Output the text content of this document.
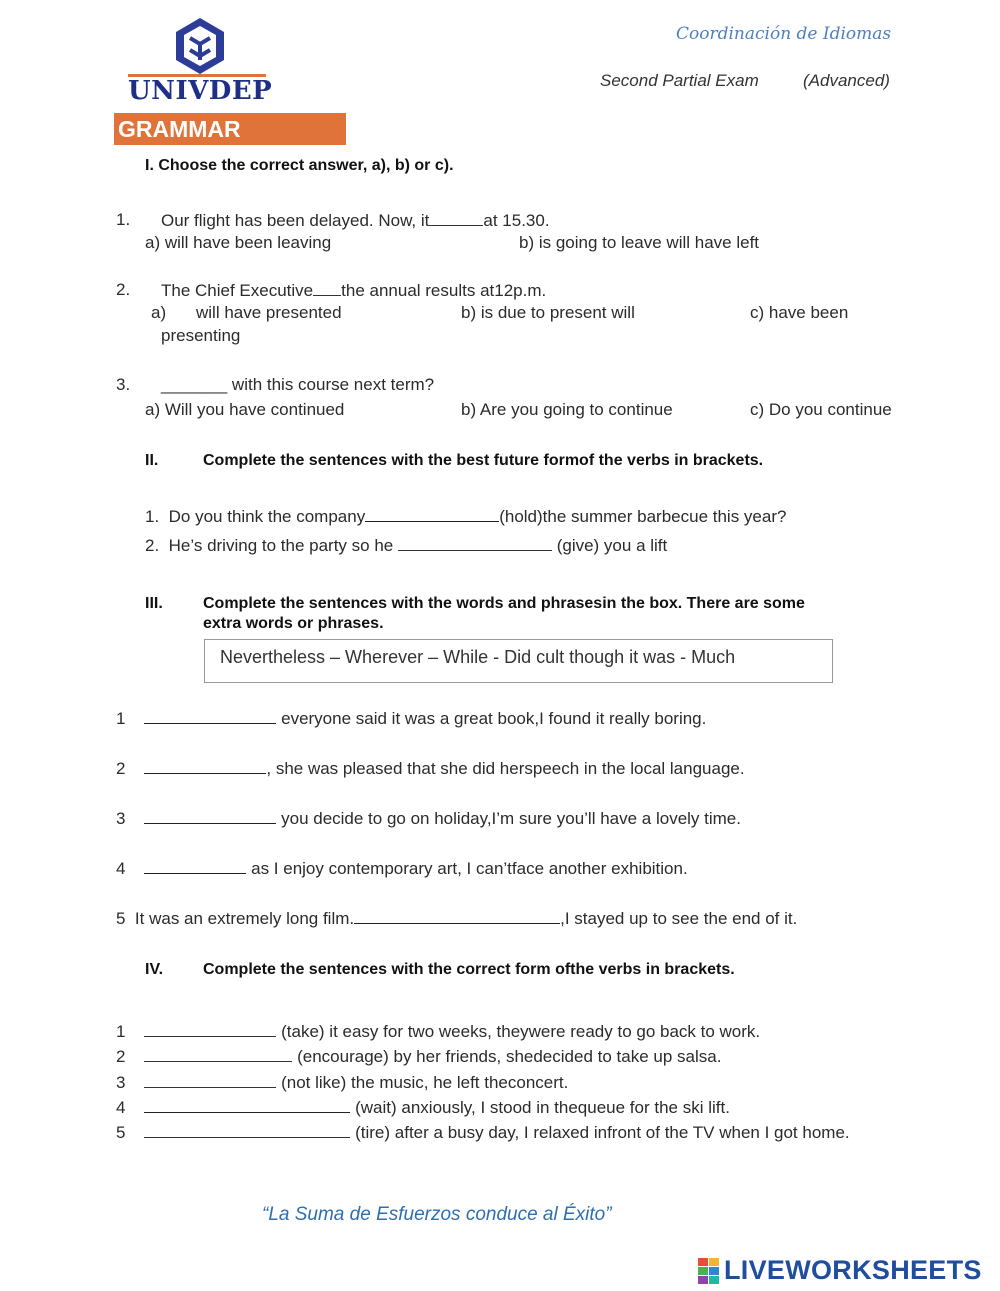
UNIVDEP
Coordinación de Idiomas
Second Partial Exam	(Advanced)
GRAMMAR
I. Choose the correct answer, a), b) or c).
1. Our flight has been delayed. Now, it	at 15.30.
a) will have been leaving	b) is going to leave will have left
2. The Chief Executive the annual results at12p.m.
a) will have presented	b) is due to present will	c) have been
presenting
3. _______ with this course next term?
a) Will you have continued	b) Are you going to continue	c) Do you continue
II.	Complete the sentences with the best future formof the verbs in brackets.
1. Do you think the company	(hold)the summer barbecue this year?
2. He’s driving to the party so he	(give) you a lift
III.	Complete the sentences with the words and phrasesin the box. There are some
extra words or phrases.
Nevertheless – Wherever – While - Did cult though it was - Much
1	everyone said it was a great book,I found it really boring.
2	, she was pleased that she did herspeech in the local language.
3	you decide to go on holiday,I’m sure you’ll have a lovely time.
4	as I enjoy contemporary art, I can’tface another exhibition.
5 It was an extremely long film.	,I stayed up to see the end of it.
IV. Complete the sentences with the correct form ofthe verbs in brackets.
1	(take) it easy for two weeks, theywere ready to go back to work.
2	(encourage) by her friends, shedecided to take up salsa.
3	(not like) the music, he left theconcert.
4	(wait) anxiously, I stood in thequeue for the ski lift.
5	(tire) after a busy day, I relaxed infront of the TV when I got home.
“La Suma de Esfuerzos conduce al Éxito”
LIVEWORKSHEETS
